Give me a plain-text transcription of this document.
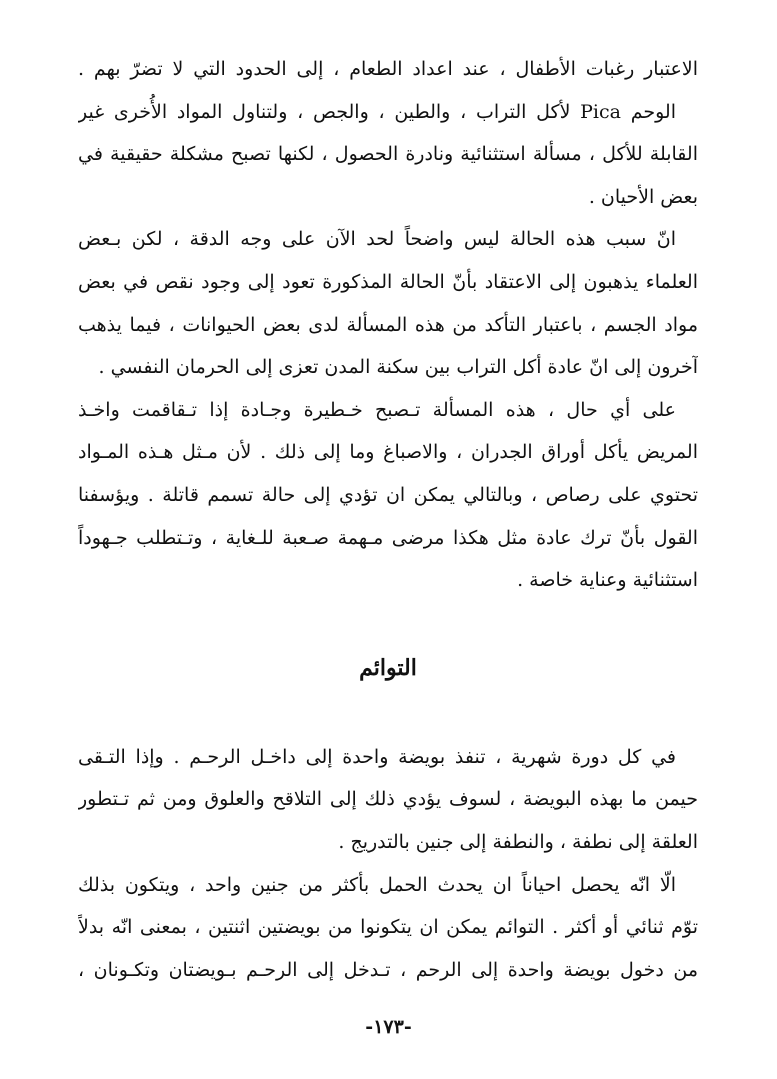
الاعتبار رغبات الأطفال ، عند اعداد الطعام ، إلى الحدود التي لا تضرّ بهم .
الوحم Pica لأكل التراب ، والطين ، والجص ، ولتناول المواد الأُخرى غير
القابلة للأكل ، مسألة استثنائية ونادرة الحصول ، لكنها تصبح مشكلة حقيقية في
بعض الأحيان .
انّ سبب هذه الحالة ليس واضحاً لحد الآن على وجه الدقة ، لكن بـعض
العلماء يذهبون إلى الاعتقاد بأنّ الحالة المذكورة تعود إلى وجود نقص في بعض
مواد الجسم ، باعتبار التأكد من هذه المسألة لدى بعض الحيوانات ، فيما يذهب
آخرون إلى انّ عادة أكل التراب بين سكنة المدن تعزى إلى الحرمان النفسي .
على أي حال ، هذه المسألة تـصبح خـطيرة وجـادة إذا تـقاقمت واخـذ
المريض يأكل أوراق الجدران ، والاصباغ وما إلى ذلك . لأن مـثل هـذه المـواد
تحتوي على رصاص ، وبالتالي يمكن ان تؤدي إلى حالة تسمم قاتلة . ويؤسفنا
القول بأنّ ترك عادة مثل هكذا مرضى مـهمة صـعبة للـغاية ، وتـتطلب جـهوداً
استثنائية وعناية خاصة .
التوائم
في كل دورة شهرية ، تنفذ بويضة واحدة إلى داخـل الرحـم . وإذا التـقى
حيمن ما بهذه البويضة ، لسوف يؤدي ذلك إلى التلاقح والعلوق ومن ثم تـتطور
العلقة إلى نطفة ، والنطفة إلى جنين بالتدريج .
الّا انّه يحصل احياناً ان يحدث الحمل بأكثر من جنين واحد ، ويتكون بذلك
توّم ثنائي أو أكثر . التوائم يمكن ان يتكونوا من بويضتين اثنتين ، بمعنى انّه بدلاً
من دخول بويضة واحدة إلى الرحم ، تـدخل إلى الرحـم بـويضتان وتكـونان ،
-١٧٣-
